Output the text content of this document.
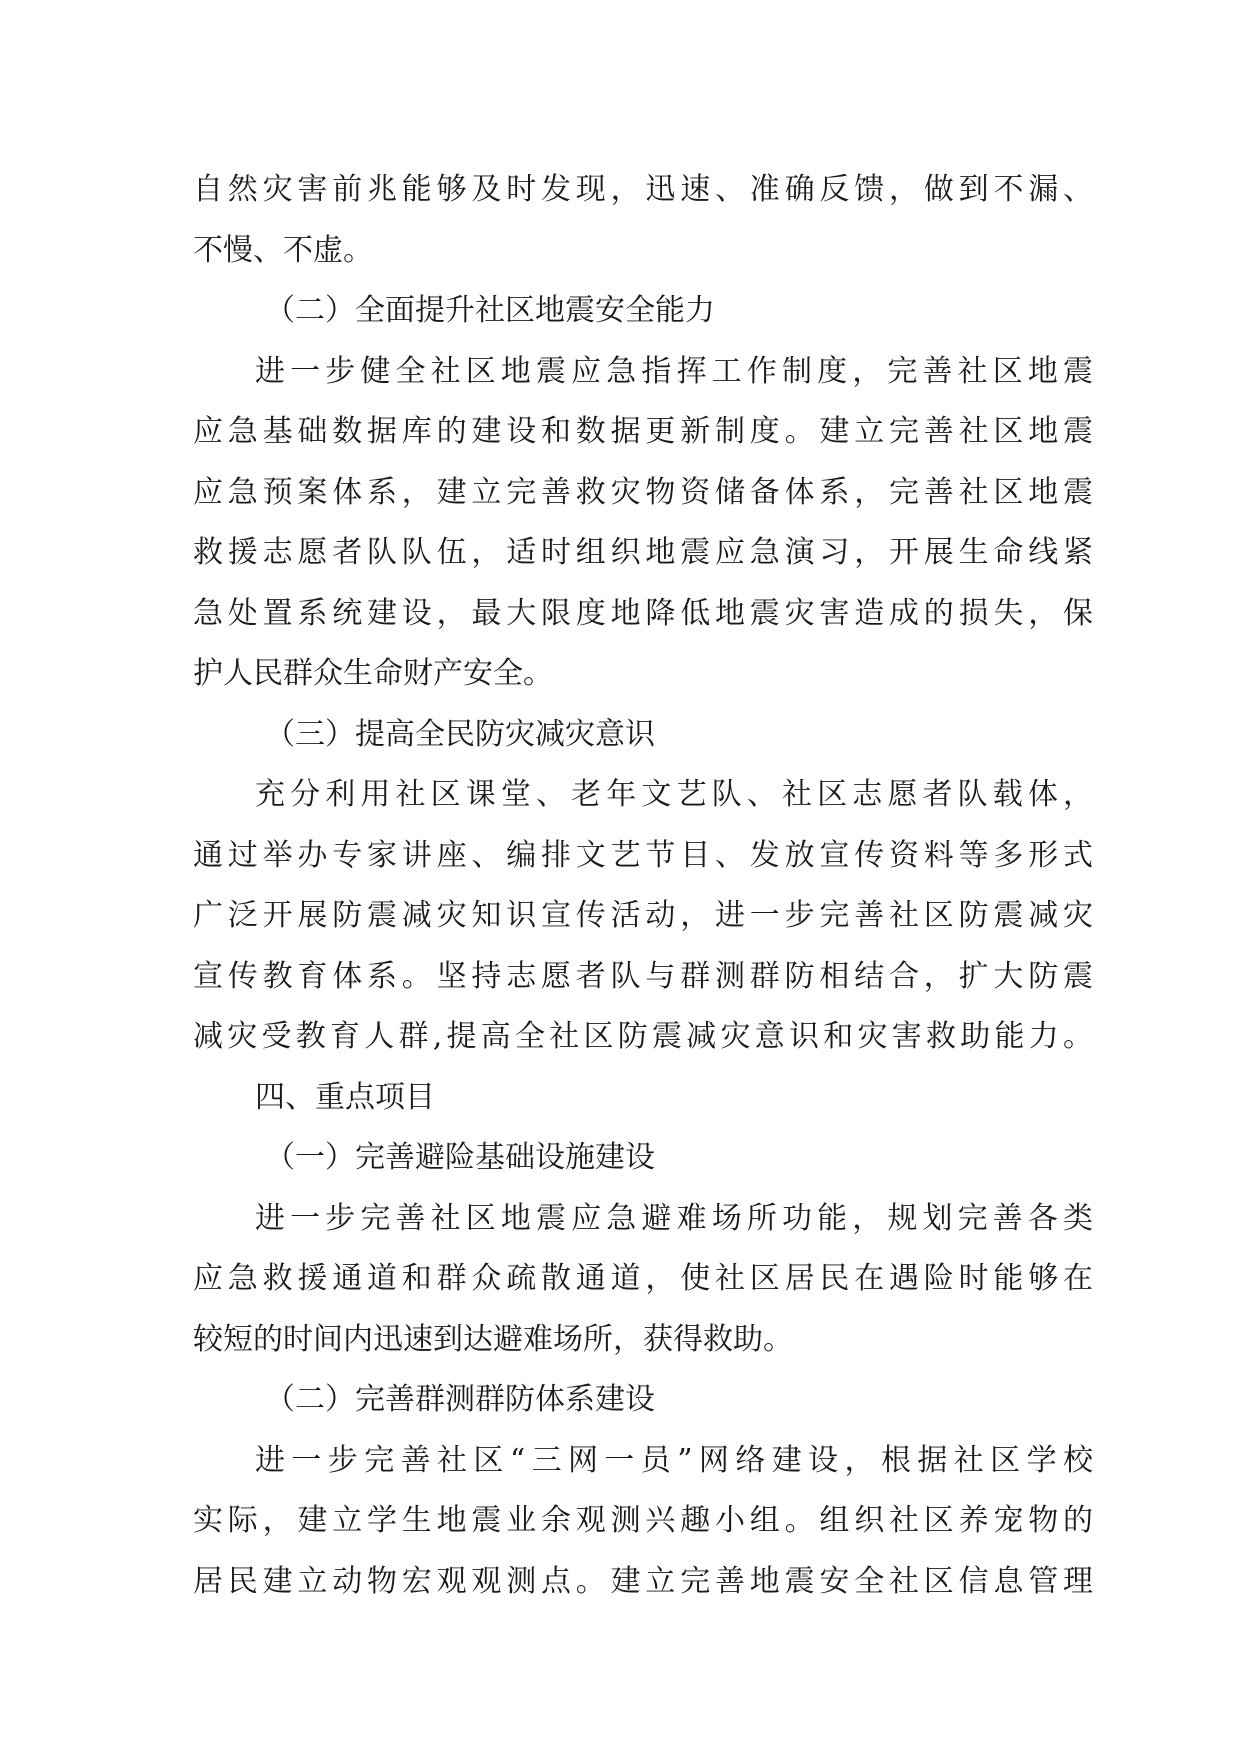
自然灾害前兆能够及时发现，迅速、准确反馈，做到不漏、
不慢、不虚。
（二）全面提升社区地震安全能力
进一步健全社区地震应急指挥工作制度，完善社区地震
应急基础数据库的建设和数据更新制度。建立完善社区地震
应急预案体系，建立完善救灾物资储备体系，完善社区地震
救援志愿者队队伍，适时组织地震应急演习，开展生命线紧
急处置系统建设，最大限度地降低地震灾害造成的损失，保
护人民群众生命财产安全。
（三）提高全民防灾减灾意识
充分利用社区课堂、老年文艺队、社区志愿者队载体，
通过举办专家讲座、编排文艺节目、发放宣传资料等多形式
广泛开展防震减灾知识宣传活动，进一步完善社区防震减灾
宣传教育体系。坚持志愿者队与群测群防相结合，扩大防震
减灾受教育人群,提高全社区防震减灾意识和灾害救助能力。
四、重点项目
（一）完善避险基础设施建设
进一步完善社区地震应急避难场所功能，规划完善各类
应急救援通道和群众疏散通道，使社区居民在遇险时能够在
较短的时间内迅速到达避难场所，获得救助。
（二）完善群测群防体系建设
进一步完善社区“三网一员”网络建设，根据社区学校
实际，建立学生地震业余观测兴趣小组。组织社区养宠物的
居民建立动物宏观观测点。建立完善地震安全社区信息管理
